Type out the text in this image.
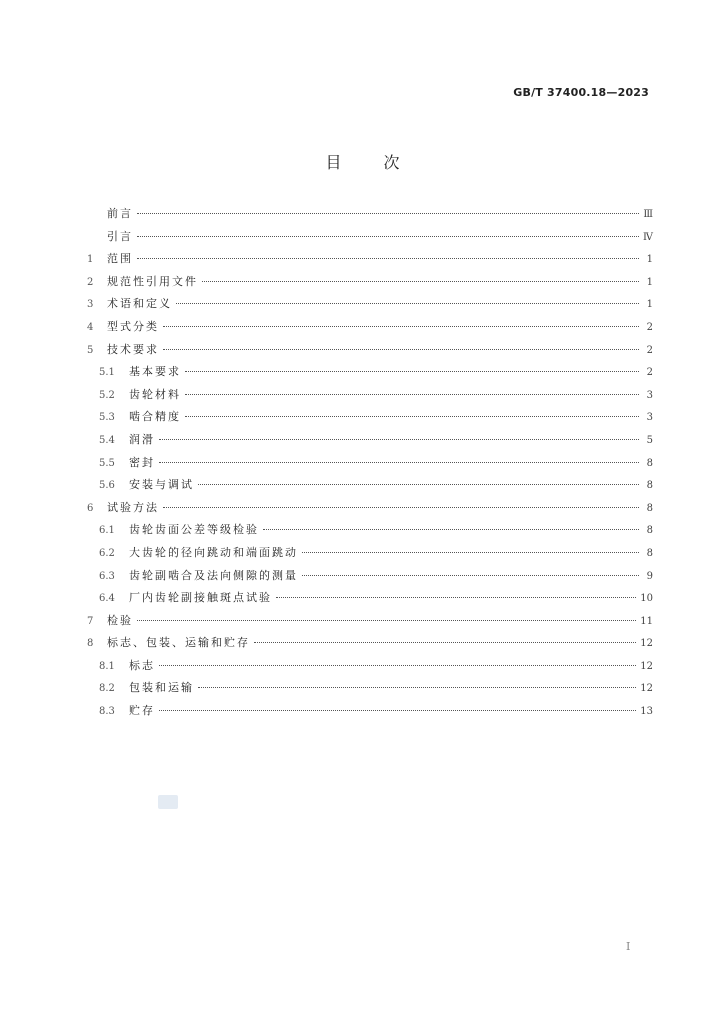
GB/T 37400.18—2023
目次
前言	Ⅲ
引言	Ⅳ
1	范围	1
2	规范性引用文件	1
3	术语和定义	1
4	型式分类	2
5	技术要求	2
5.1	基本要求	2
5.2	齿轮材料	3
5.3	啮合精度	3
5.4	润滑	5
5.5	密封	8
5.6	安装与调试	8
6	试验方法	8
6.1	齿轮齿面公差等级检验	8
6.2	大齿轮的径向跳动和端面跳动	8
6.3	齿轮副啮合及法向侧隙的测量	9
6.4	厂内齿轮副接触斑点试验	10
7	检验	11
8	标志、包装、运输和贮存	12
8.1	标志	12
8.2	包装和运输	12
8.3	贮存	13
Ⅰ
